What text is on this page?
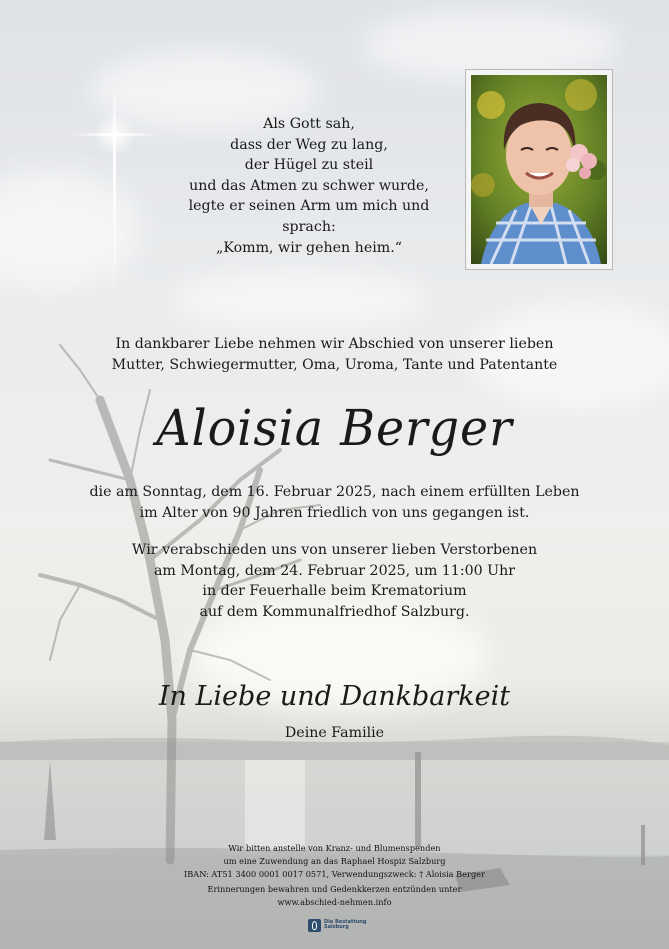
Als Gott sah,
dass der Weg zu lang,
der Hügel zu steil
und das Atmen zu schwer wurde,
legte er seinen Arm um mich und
sprach:
„Komm, wir gehen heim.“
In dankbarer Liebe nehmen wir Abschied von unserer lieben
Mutter, Schwiegermutter, Oma, Uroma, Tante und Patentante
Aloisia Berger
die am Sonntag, dem 16. Februar 2025, nach einem erfüllten Leben
im Alter von 90 Jahren friedlich von uns gegangen ist.
Wir verabschieden uns von unserer lieben Verstorbenen
am Montag, dem 24. Februar 2025, um 11:00 Uhr
in der Feuerhalle beim Krematorium
auf dem Kommunalfriedhof Salzburg.
In Liebe und Dankbarkeit
Deine Familie
Wir bitten anstelle von Kranz- und Blumenspenden
um eine Zuwendung an das Raphael Hospiz Salzburg
IBAN: AT51 3400 0001 0017 0571, Verwendungszweck: † Aloisia Berger
Erinnerungen bewahren und Gedenkkerzen entzünden unter
www.abschied-nehmen.info
Die Bestattung
Salzburg
